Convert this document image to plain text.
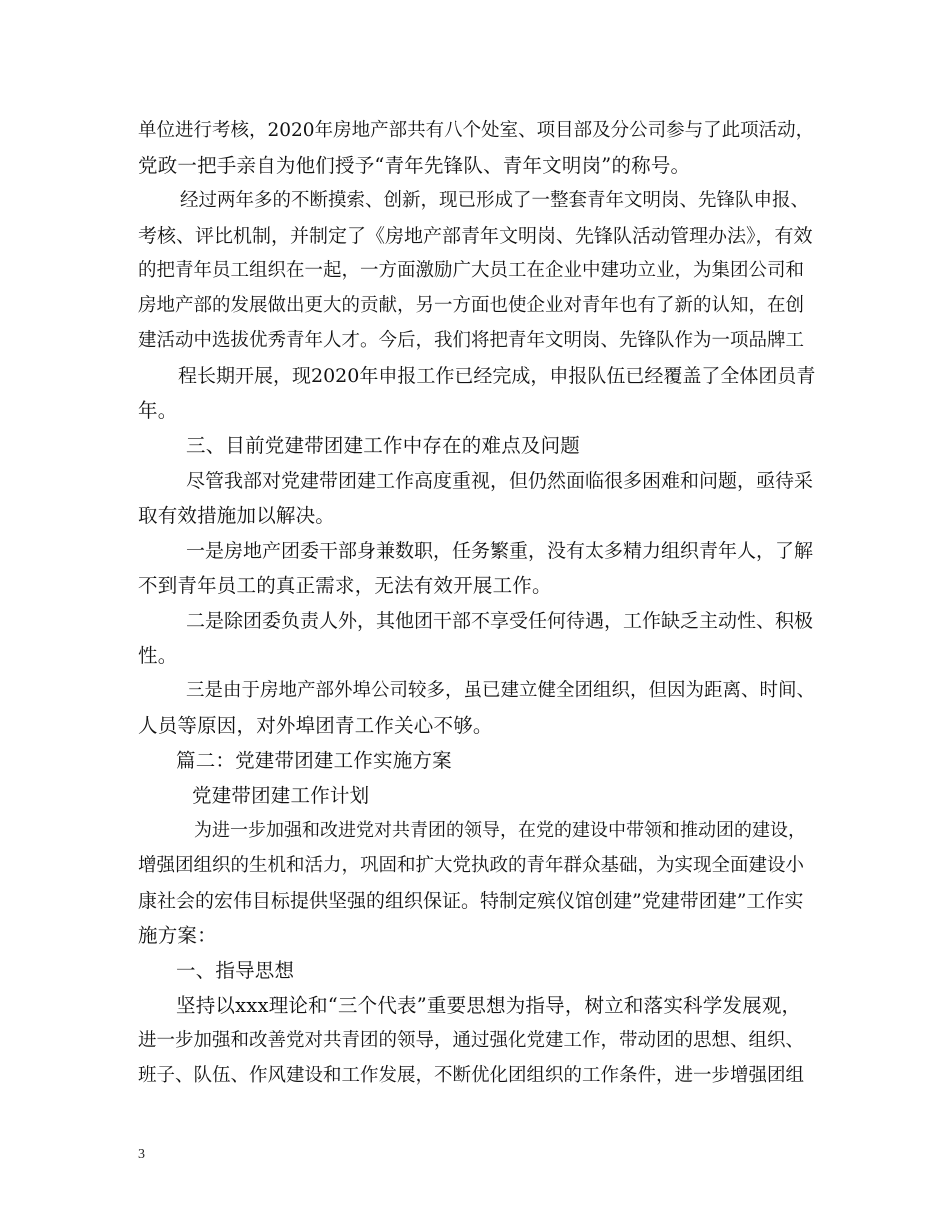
单位进行考核，2020年房地产部共有八个处室、项目部及分公司参与了此项活动，
党政一把手亲自为他们授予“青年先锋队、青年文明岗”的称号。
经过两年多的不断摸索、创新，现已形成了一整套青年文明岗、先锋队申报、
考核、评比机制，并制定了《房地产部青年文明岗、先锋队活动管理办法》，有效
的把青年员工组织在一起，一方面激励广大员工在企业中建功立业，为集团公司和
房地产部的发展做出更大的贡献，另一方面也使企业对青年也有了新的认知，在创
建活动中选拔优秀青年人才。今后，我们将把青年文明岗、先锋队作为一项品牌工
程长期开展，现2020年申报工作已经完成，申报队伍已经覆盖了全体团员青
年。
三、目前党建带团建工作中存在的难点及问题
尽管我部对党建带团建工作高度重视，但仍然面临很多困难和问题，亟待采
取有效措施加以解决。
一是房地产团委干部身兼数职，任务繁重，没有太多精力组织青年人，了解
不到青年员工的真正需求，无法有效开展工作。
二是除团委负责人外，其他团干部不享受任何待遇，工作缺乏主动性、积极
性。
三是由于房地产部外埠公司较多，虽已建立健全团组织，但因为距离、时间、
人员等原因，对外埠团青工作关心不够。
篇二：党建带团建工作实施方案
党建带团建工作计划
为进一步加强和改进党对共青团的领导，在党的建设中带领和推动团的建设，
增强团组织的生机和活力，巩固和扩大党执政的青年群众基础，为实现全面建设小
康社会的宏伟目标提供坚强的组织保证。特制定殡仪馆创建”党建带团建”工作实
施方案：
一、指导思想
坚持以xxx理论和“三个代表”重要思想为指导，树立和落实科学发展观，
进一步加强和改善党对共青团的领导，通过强化党建工作，带动团的思想、组织、
班子、队伍、作风建设和工作发展，不断优化团组织的工作条件，进一步增强团组
3
